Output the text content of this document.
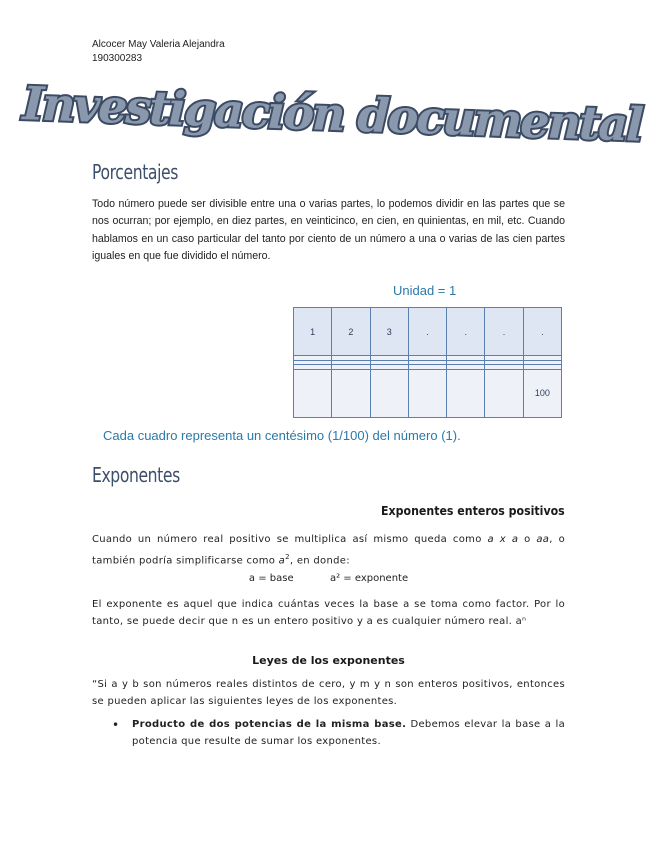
Alcocer May Valeria Alejandra
190300283
Investigación documental
Porcentajes
Todo número puede ser divisible entre una o varias partes, lo podemos dividir en las partes que se nos ocurran; por ejemplo, en diez partes, en veinticinco, en cien, en quinientas, en mil, etc. Cuando hablamos en un caso particular del tanto por ciento de un número a una o varias de las cien partes iguales en que fue dividido el número.
Unidad = 1
1	2	3	.	.	.	.

						100
Cada cuadro representa un centésimo (1/100) del número (1).
Exponentes
Exponentes enteros positivos
Cuando un número real positivo se multiplica así mismo queda como a x a o aa, o también podría simplificarse como $a^2$, en donde:
a = base	a² = exponente
El exponente es aquel que indica cuántas veces la base a se toma como factor. Por lo tanto, se puede decir que n es un entero positivo y a es cualquier número real. aⁿ
Leyes de los exponentes
“Si a y b son números reales distintos de cero, y m y n son enteros positivos, entonces se pueden aplicar las siguientes leyes de los exponentes.
• Producto de dos potencias de la misma base. Debemos elevar la base a la potencia que resulte de sumar los exponentes.
